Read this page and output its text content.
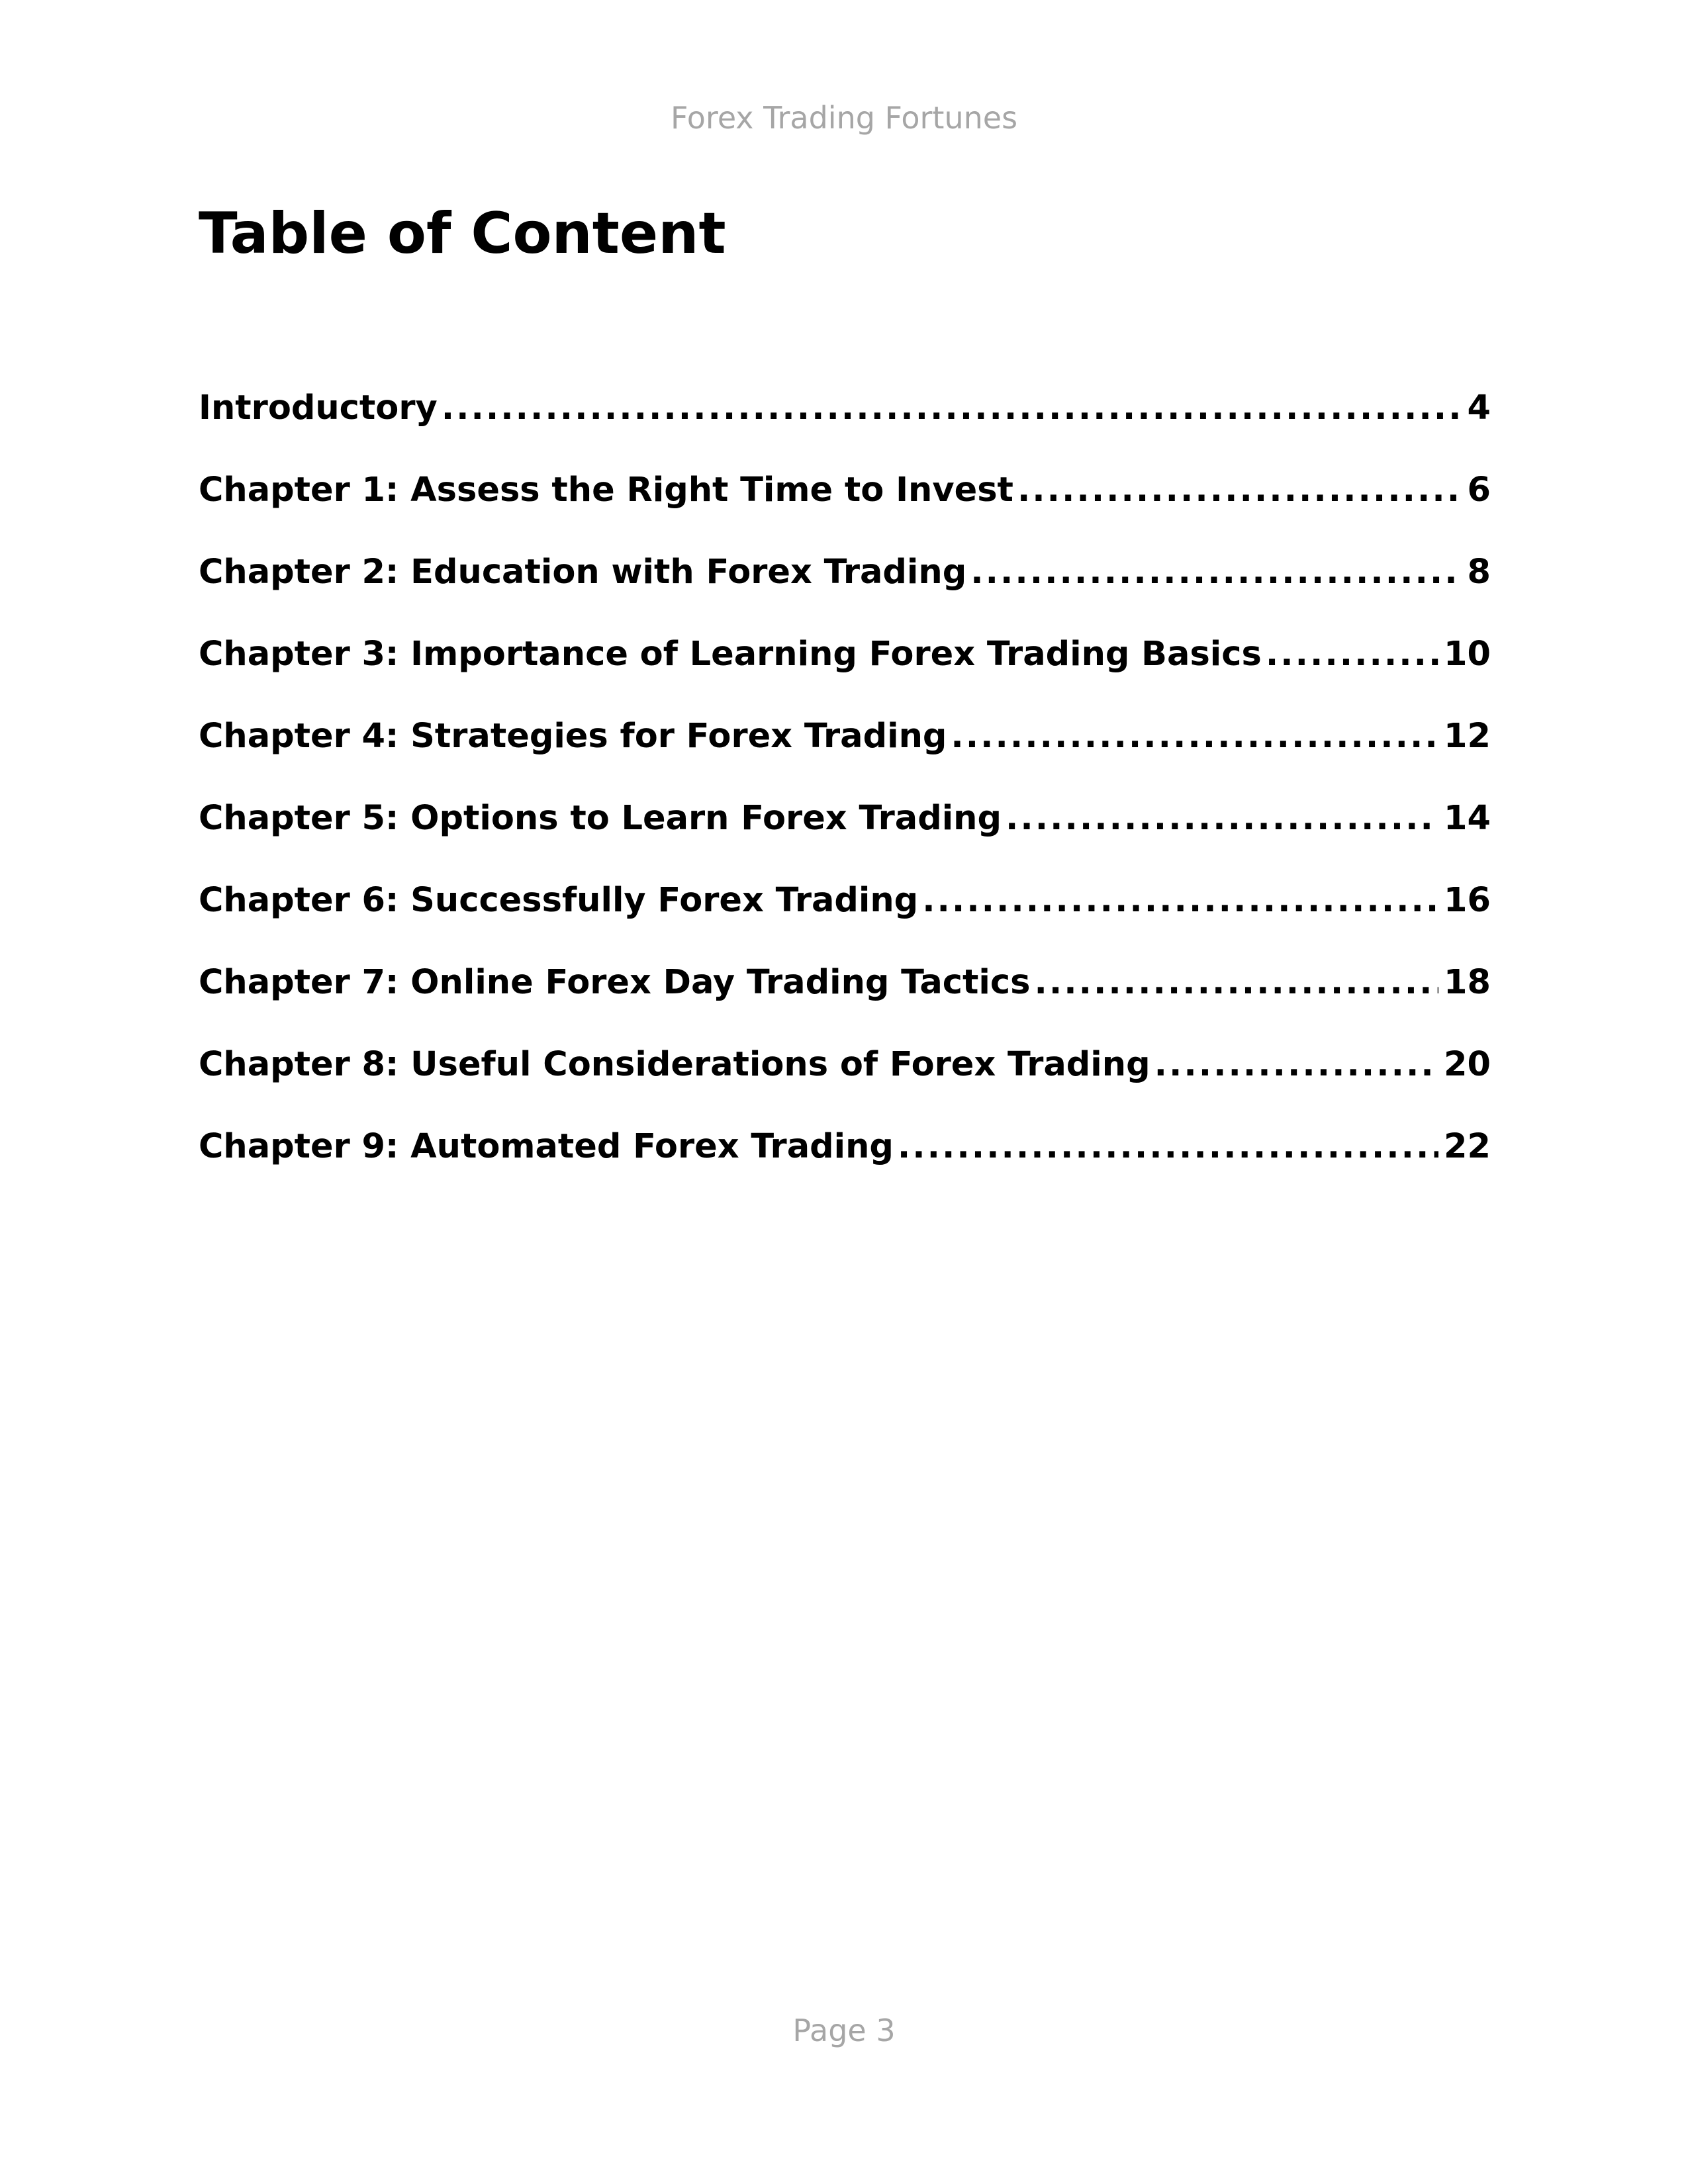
Forex Trading Fortunes
Table of Content
Introductory .....	4
Chapter 1: Assess the Right Time to Invest .....	6
Chapter 2: Education with Forex Trading .....	8
Chapter 3: Importance of Learning Forex Trading Basics .....	10
Chapter 4: Strategies for Forex Trading .....	12
Chapter 5: Options to Learn Forex Trading .....	14
Chapter 6: Successfully Forex Trading .....	16
Chapter 7: Online Forex Day Trading Tactics .....	18
Chapter 8: Useful Considerations of Forex Trading .....	20
Chapter 9: Automated Forex Trading .....	22
Page 3
